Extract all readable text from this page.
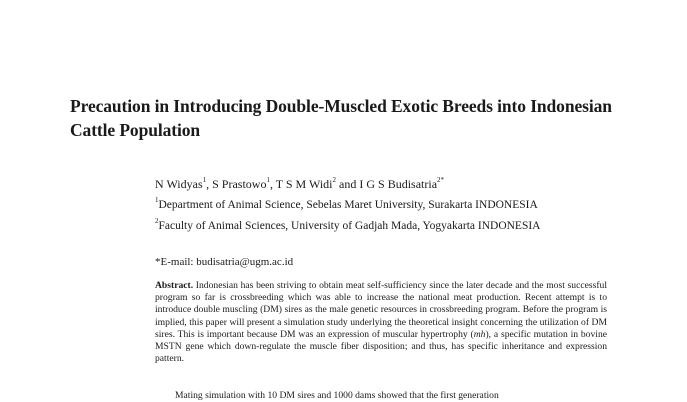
Precaution in Introducing Double-Muscled Exotic Breeds into Indonesian Cattle Population
N Widyas$^1$, S Prastowo$^1$, T S M Widi$^2$ and I G S Budisatria$^{2*}$
$^1$Department of Animal Science, Sebelas Maret University, Surakarta INDONESIA
$^2$Faculty of Animal Sciences, University of Gadjah Mada, Yogyakarta INDONESIA
*E-mail: budisatria@ugm.ac.id
Abstract. Indonesian has been striving to obtain meat self-sufficiency since the later decade and the most successful program so far is crossbreeding which was able to increase the national meat production. Recent attempt is to introduce double muscling (DM) sires as the male genetic resources in crossbreeding program. Before the program is implied, this paper will present a simulation study underlying the theoretical insight concerning the utilization of DM sires. This is important because DM was an expression of muscular hypertrophy (mh), a specific mutation in bovine MSTN gene which down-regulate the muscle fiber disposition; and thus, has specific inheritance and expression pattern.
Mating simulation with 10 DM sires and 1000 dams showed that the first generation
